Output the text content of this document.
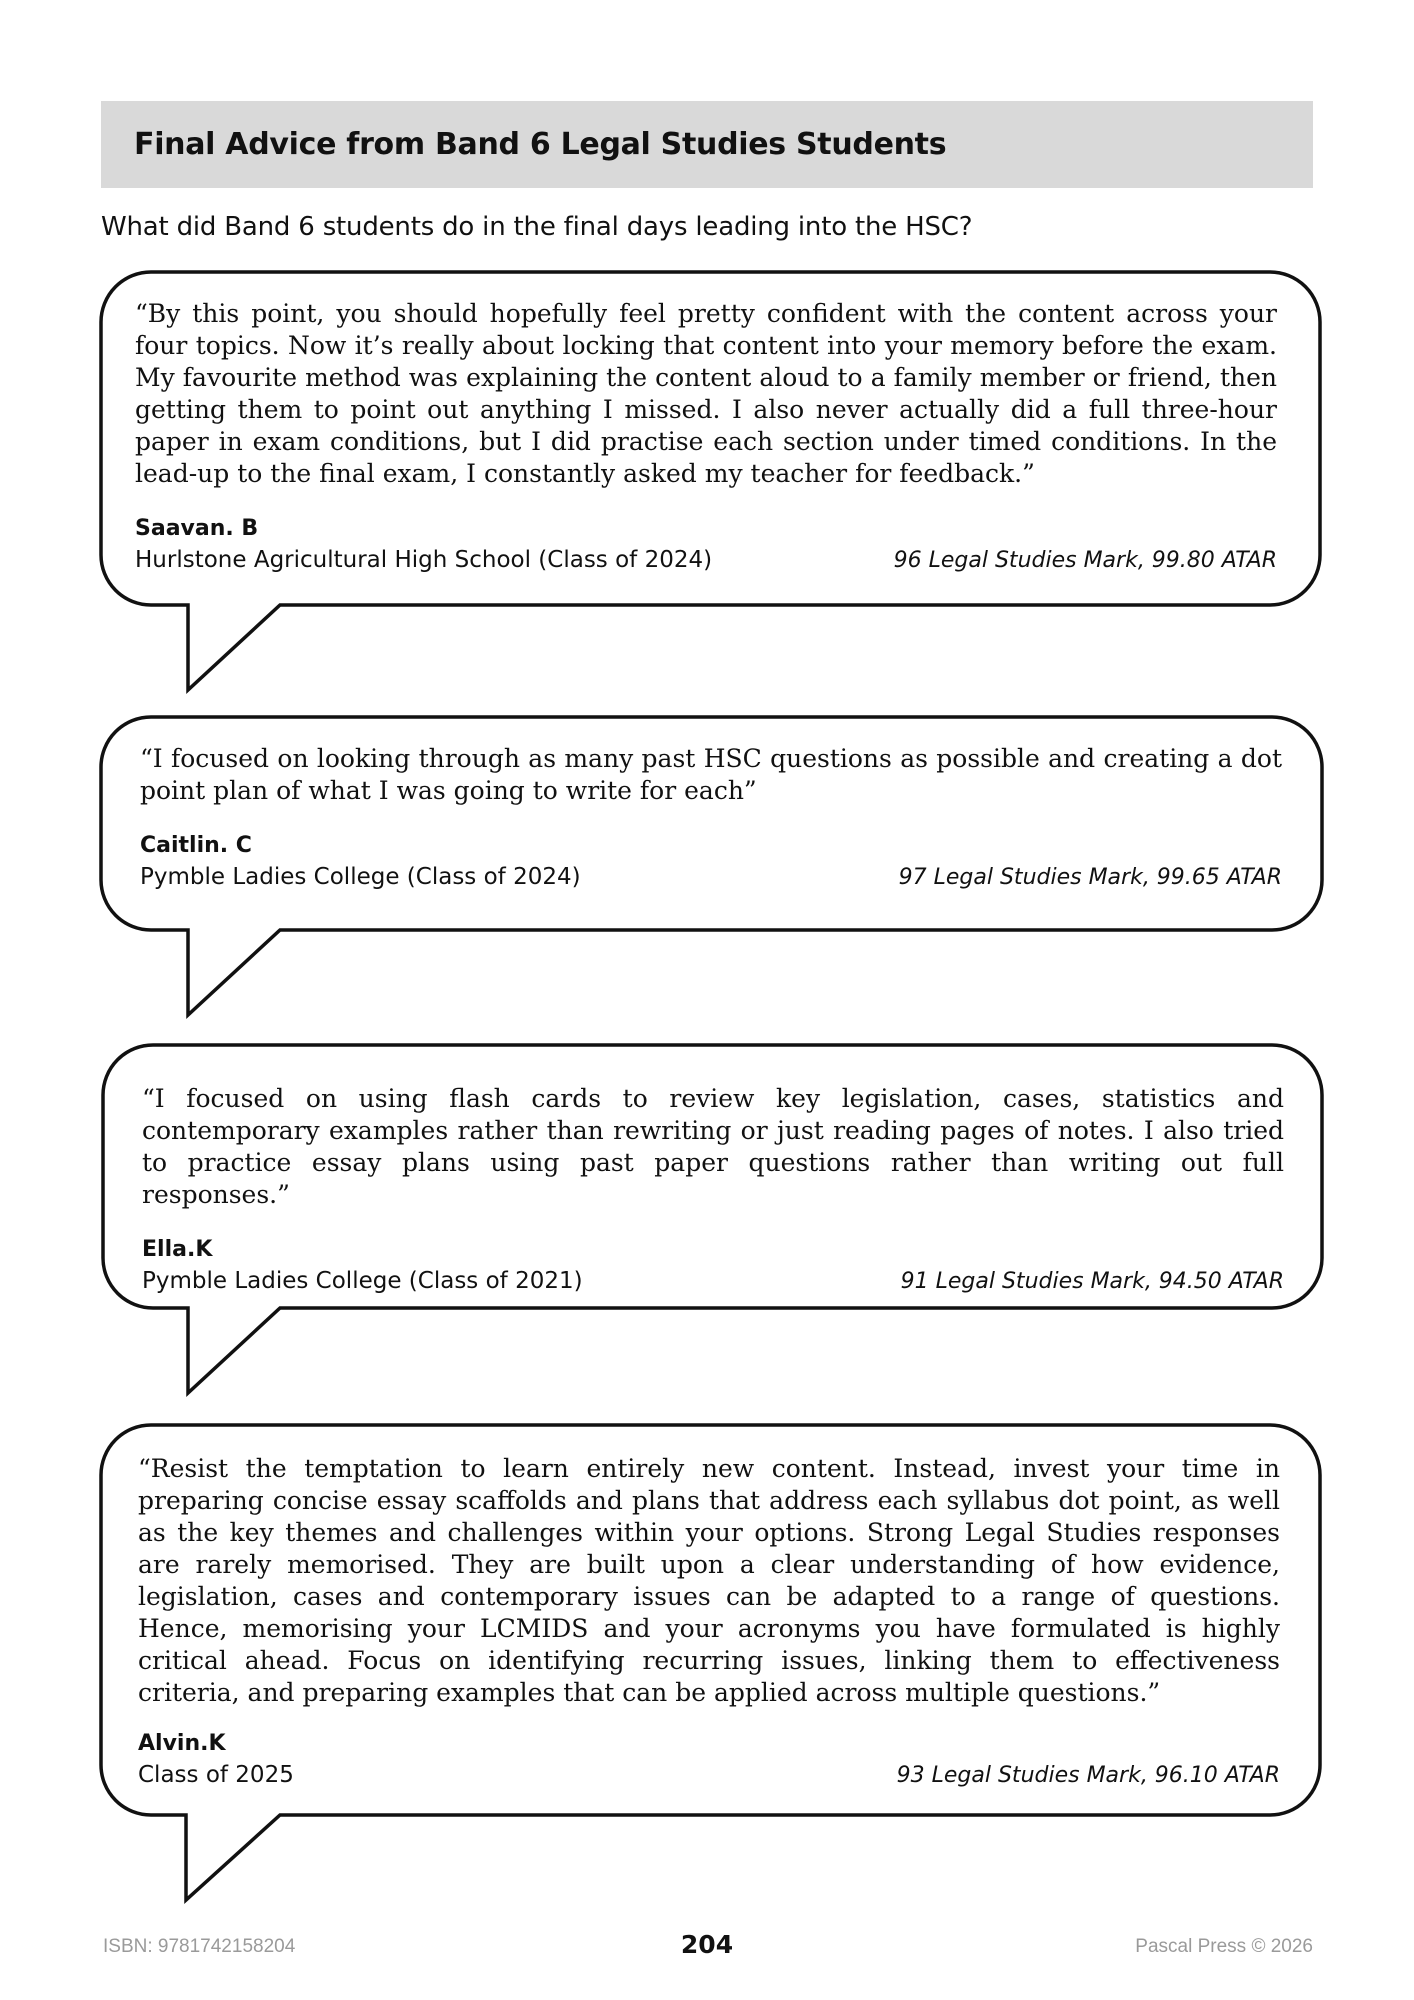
Final Advice from Band 6 Legal Studies Students

What did Band 6 students do in the final days leading into the HSC?

“By this point, you should hopefully feel pretty confident with the content across your four topics. Now it’s really about locking that content into your memory before the exam. My favourite method was explaining the content aloud to a family member or friend, then getting them to point out anything I missed. I also never actually did a full three-hour paper in exam conditions, but I did practise each section under timed conditions. In the lead-up to the final exam, I constantly asked my teacher for feedback.”

Saavan. B
Hurlstone Agricultural High School (Class of 2024)	96 Legal Studies Mark, 99.80 ATAR

“I focused on looking through as many past HSC questions as possible and creating a dot point plan of what I was going to write for each”

Caitlin. C
Pymble Ladies College (Class of 2024)	97 Legal Studies Mark, 99.65 ATAR

“I focused on using flash cards to review key legislation, cases, statistics and contemporary examples rather than rewriting or just reading pages of notes. I also tried to practice essay plans using past paper questions rather than writing out full responses.”

Ella.K
Pymble Ladies College (Class of 2021)	91 Legal Studies Mark, 94.50 ATAR

“Resist the temptation to learn entirely new content. Instead, invest your time in preparing concise essay scaffolds and plans that address each syllabus dot point, as well as the key themes and challenges within your options. Strong Legal Studies responses are rarely memorised. They are built upon a clear understanding of how evidence, legislation, cases and contemporary issues can be adapted to a range of questions. Hence, memorising your LCMIDS and your acronyms you have formulated is highly critical ahead. Focus on identifying recurring issues, linking them to effectiveness criteria, and preparing examples that can be applied across multiple questions.”

Alvin.K
Class of 2025	93 Legal Studies Mark, 96.10 ATAR
ISBN: 9781742158204	204	Pascal Press © 2026
